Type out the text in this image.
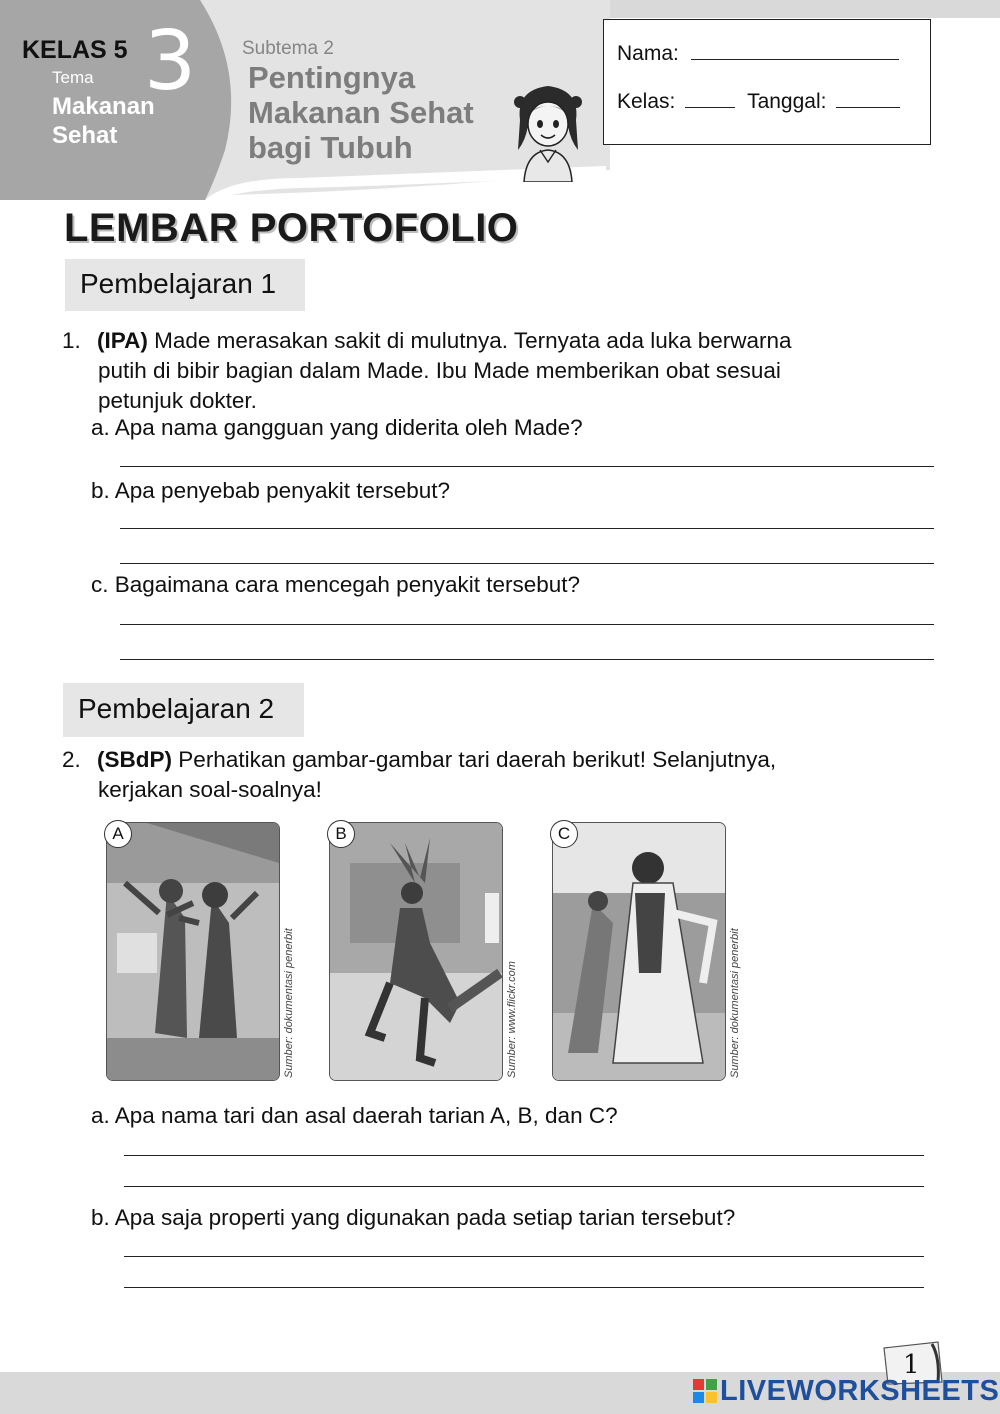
KELAS 5 3
Tema
Makanan
Sehat
Subtema 2
Pentingnya
Makanan Sehat
bagi Tubuh
Nama:
Kelas:	Tanggal:
LEMBAR PORTOFOLIO
Pembelajaran 1
1. (IPA) Made merasakan sakit di mulutnya. Ternyata ada luka berwarna
putih di bibir bagian dalam Made. Ibu Made memberikan obat sesuai
petunjuk dokter.
a. Apa nama gangguan yang diderita oleh Made?
b. Apa penyebab penyakit tersebut?
c. Bagaimana cara mencegah penyakit tersebut?
Pembelajaran 2
2. (SBdP) Perhatikan gambar-gambar tari daerah berikut! Selanjutnya,
kerjakan soal-soalnya!
A
Sumber: dokumentasi penerbit
B
Sumber: www.flickr.com
C
Sumber: dokumentasi penerbit
a. Apa nama tari dan asal daerah tarian A, B, dan C?
b. Apa saja properti yang digunakan pada setiap tarian tersebut?
1
LIVEWORKSHEETS
